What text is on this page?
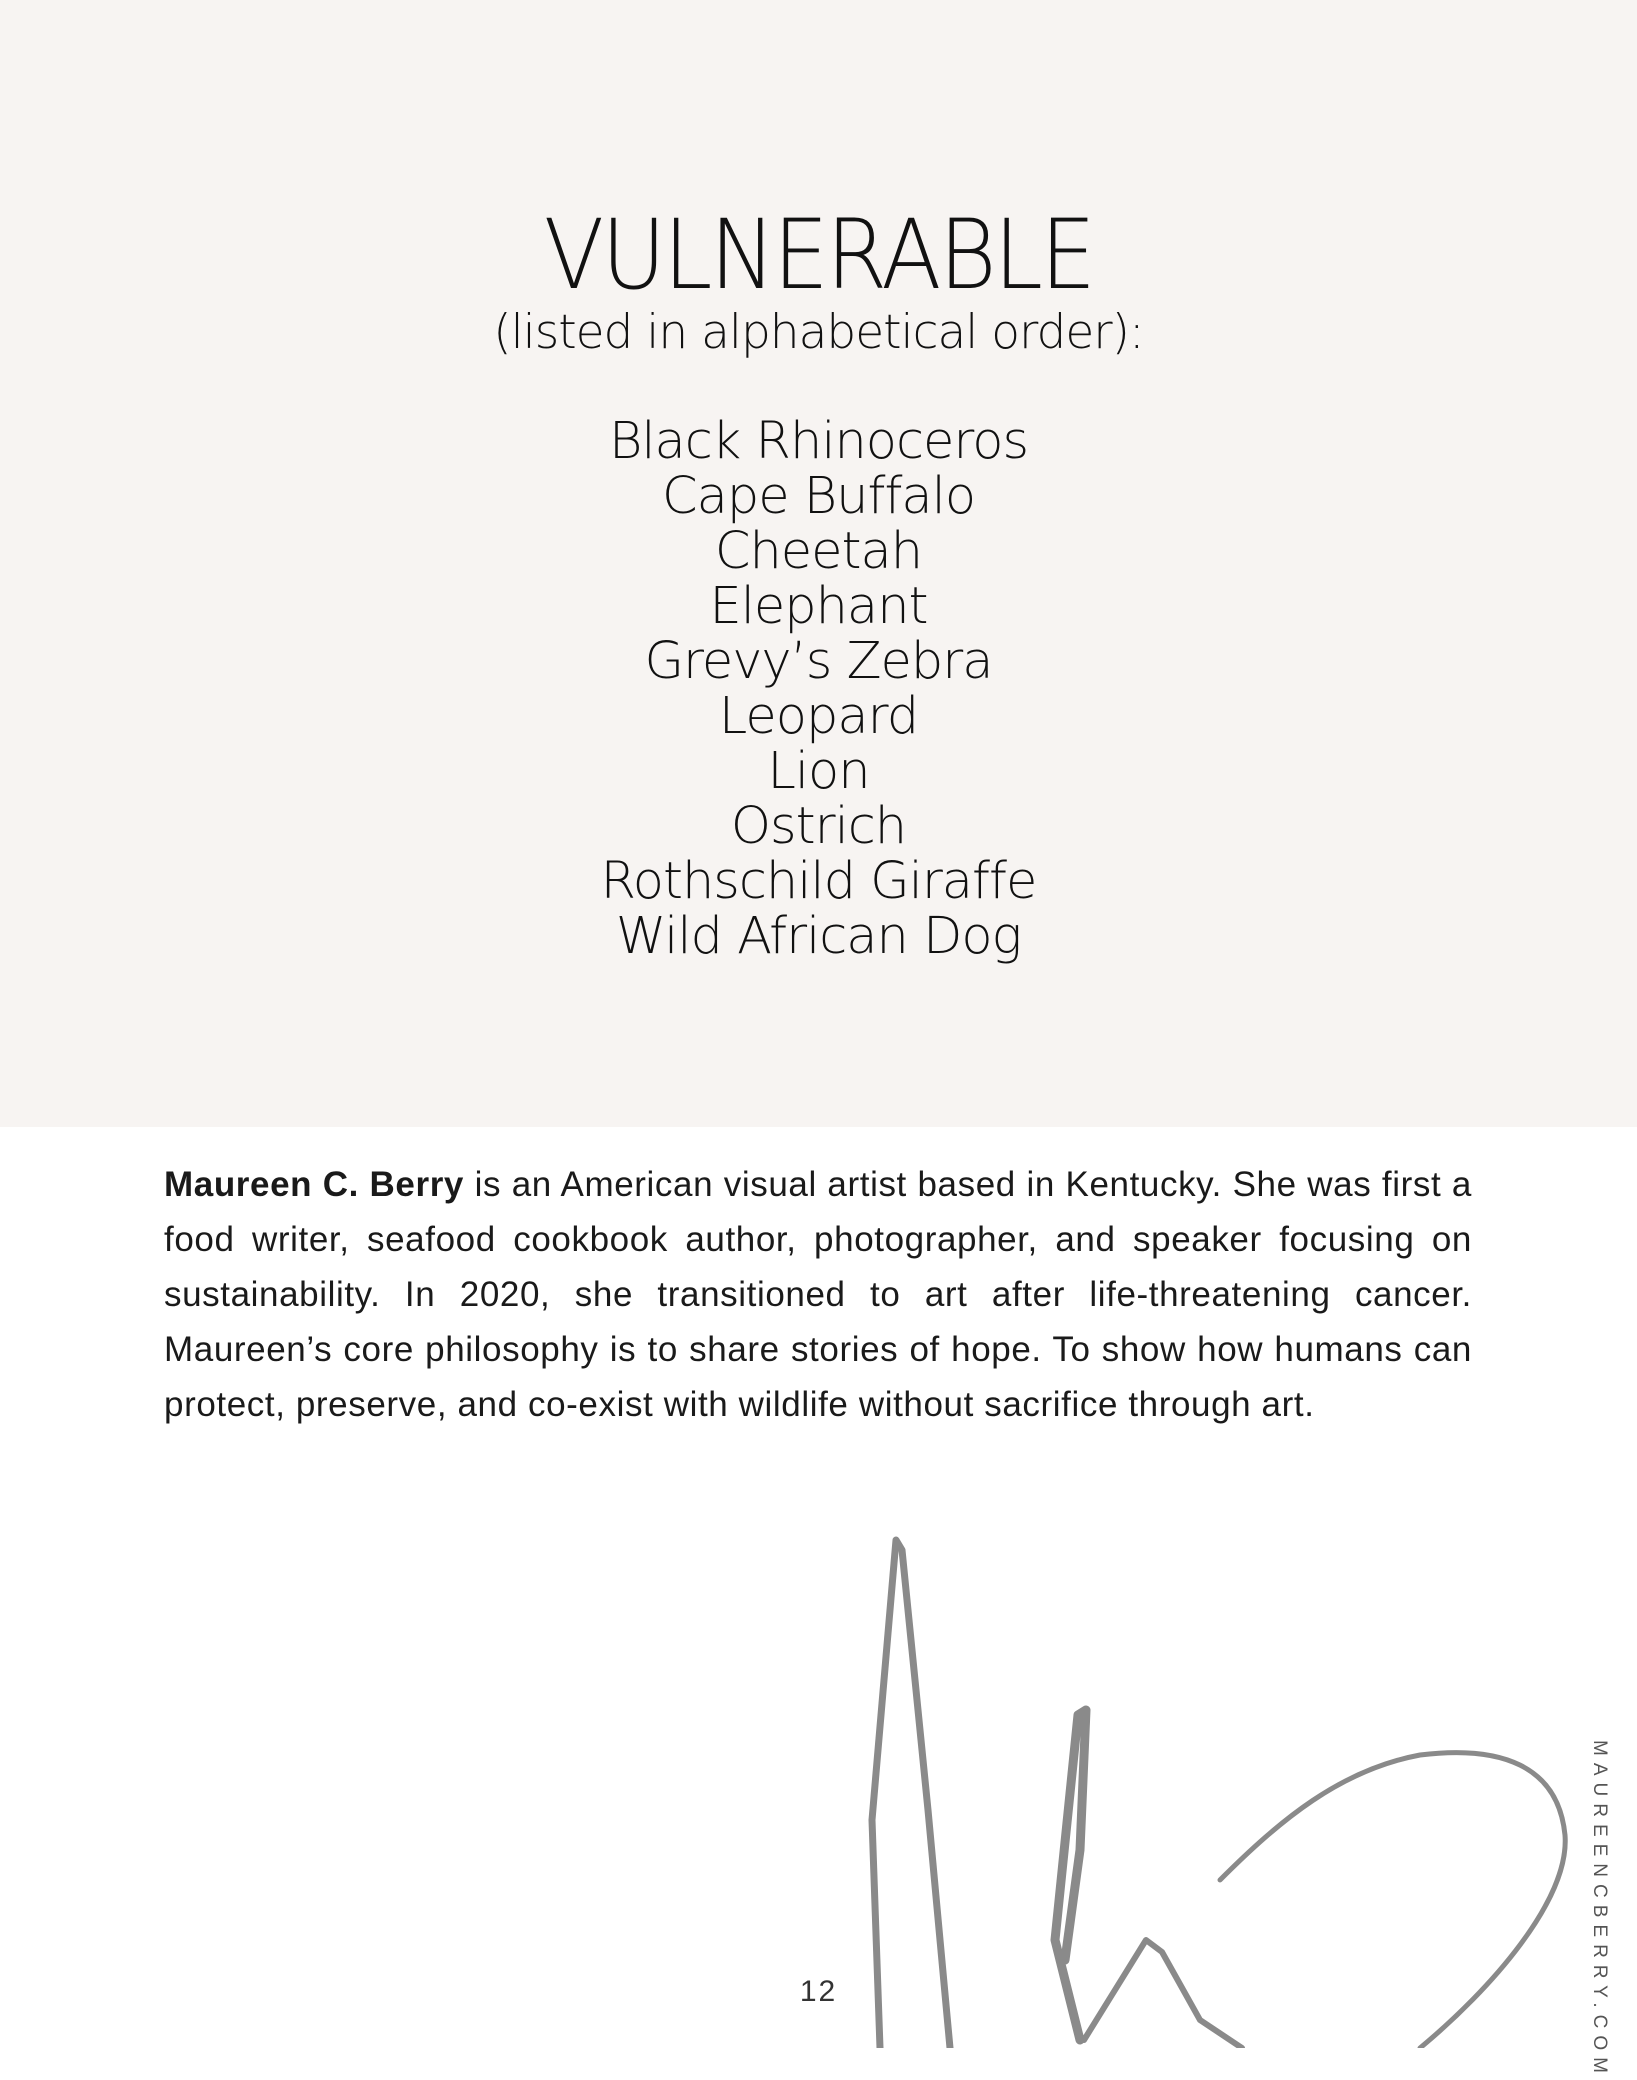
VULNERABLE

(listed in alphabetical order):

Black Rhinoceros
Cape Buffalo
Cheetah
Elephant
Grevy’s Zebra
Leopard
Lion
Ostrich
Rothschild Giraffe
Wild African Dog

Maureen C. Berry is an American visual artist based in Kentucky. She was first a food writer, seafood cookbook author, photographer, and speaker focusing on sustainability. In 2020, she transitioned to art after life-threatening cancer. Maureen’s core philosophy is to share stories of hope. To show how humans can protect, preserve, and co-exist with wildlife without sacrifice through art.

12	MAUREENCBERRY.COM
